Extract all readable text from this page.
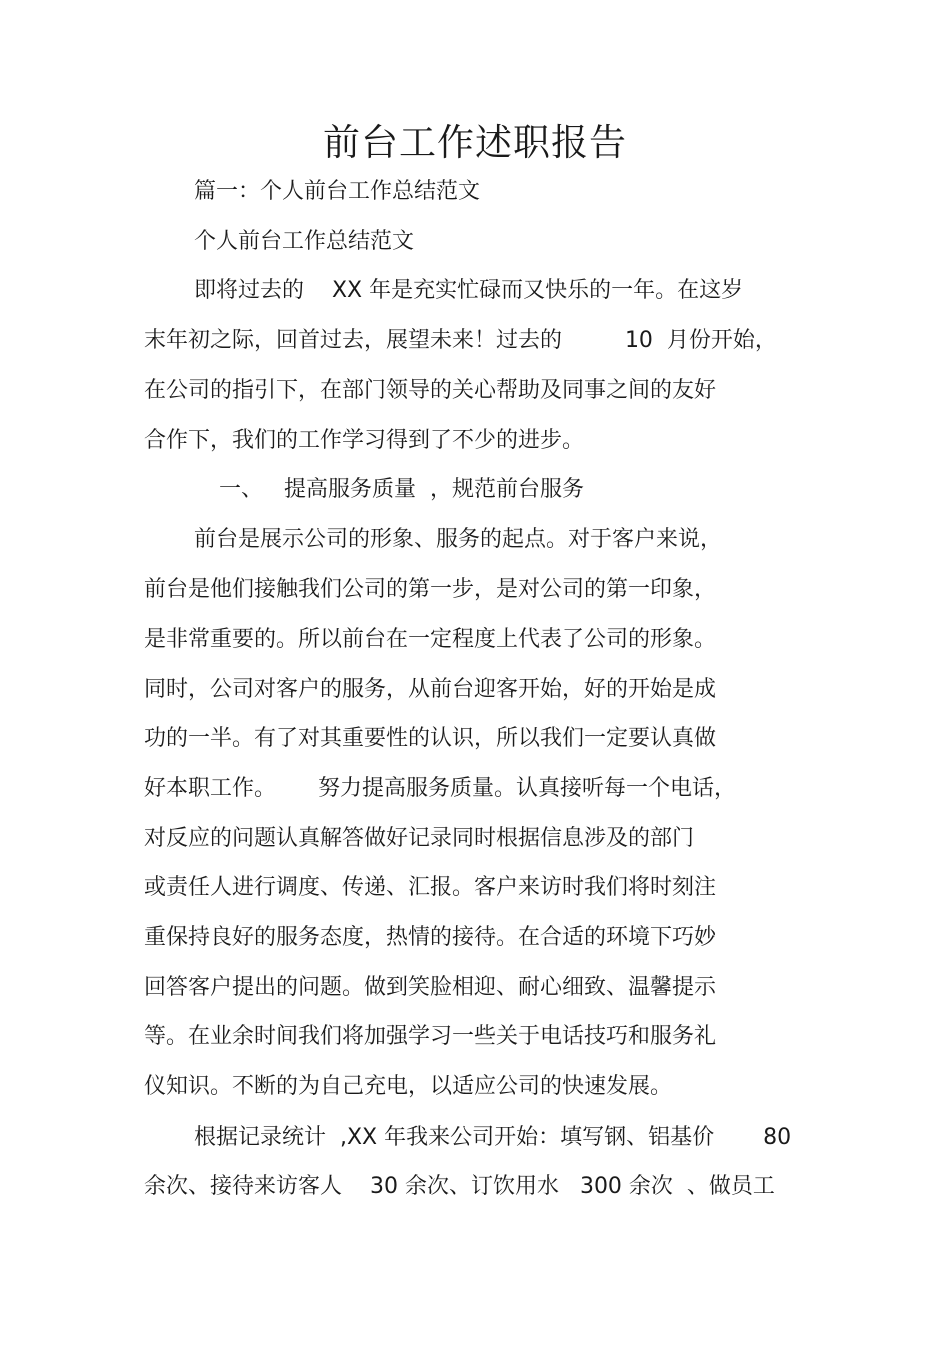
前台工作述职报告
篇一：个人前台工作总结范文
个人前台工作总结范文
即将过去的    XX 年是充实忙碌而又快乐的一年。在这岁
末年初之际，回首过去，展望未来！过去的         10  月份开始，
在公司的指引下，在部门领导的关心帮助及同事之间的友好
合作下，我们的工作学习得到了不少的进步。
一、   提高服务质量  ，规范前台服务
前台是展示公司的形象、服务的起点。对于客户来说，
前台是他们接触我们公司的第一步，是对公司的第一印象，
是非常重要的。所以前台在一定程度上代表了公司的形象。
同时，公司对客户的服务，从前台迎客开始，好的开始是成
功的一半。有了对其重要性的认识，所以我们一定要认真做
好本职工作。      努力提高服务质量。认真接听每一个电话，
对反应的问题认真解答做好记录同时根据信息涉及的部门
或责任人进行调度、传递、汇报。客户来访时我们将时刻注
重保持良好的服务态度，热情的接待。在合适的环境下巧妙
回答客户提出的问题。做到笑脸相迎、耐心细致、温馨提示
等。在业余时间我们将加强学习一些关于电话技巧和服务礼
仪知识。不断的为自己充电，以适应公司的快速发展。
根据记录统计  ,XX 年我来公司开始：填写钢、铝基价       80
余次、接待来访客人    30 余次、订饮用水   300 余次  、做员工
